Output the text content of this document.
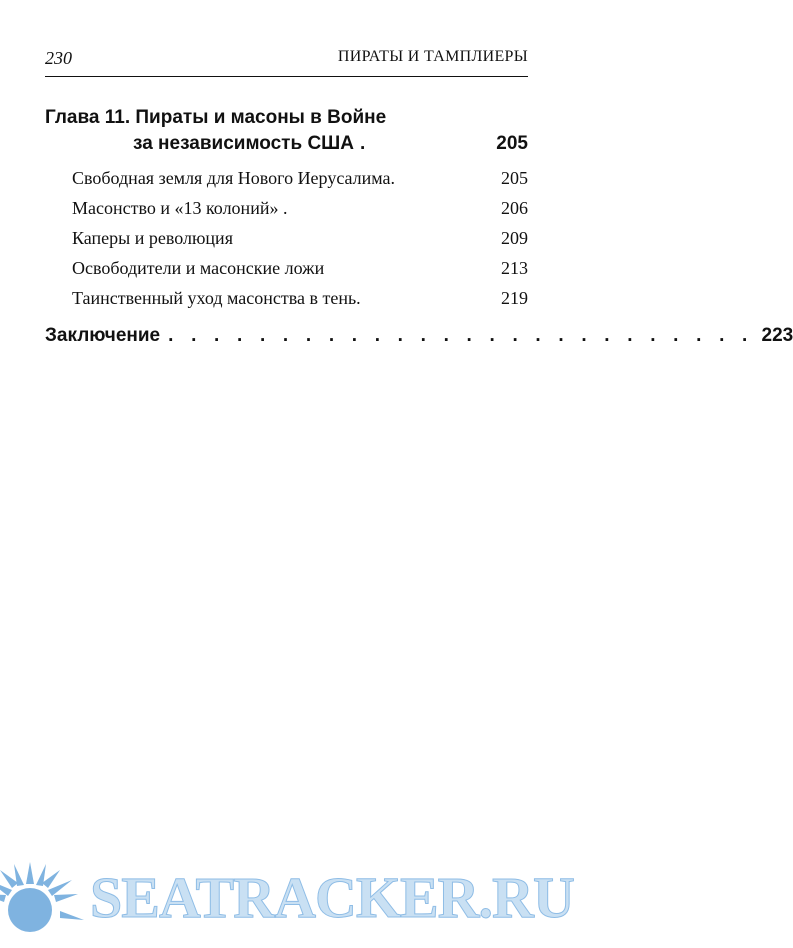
230	ПИРАТЫ И ТАМПЛИЕРЫ
Глава 11. Пираты и масоны в Войне
за независимость США .	205
Свободная земля для Нового Иерусалима.	205
Масонство и «13 колоний» .	206
Каперы и революция	209
Освободители и масонские ложи	213
Таинственный уход масонства в тень.	219
Заключение . . . . . . . . . . . . . . . . . . . . . . . . . . 223
SEATRACKER.RU
